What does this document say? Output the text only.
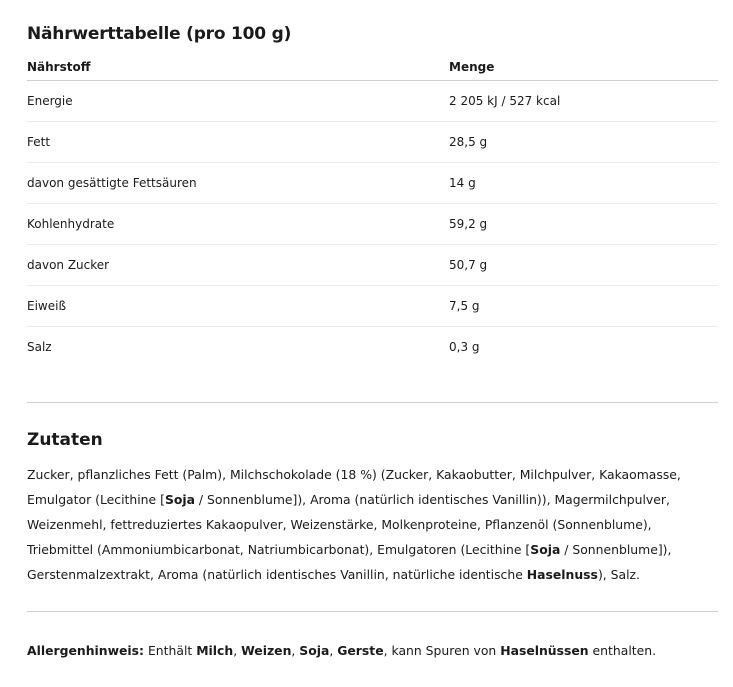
Nährwerttabelle (pro 100 g)
Nährstoff	Menge
Energie	2 205 kJ / 527 kcal
Fett	28,5 g
davon gesättigte Fettsäuren	14 g
Kohlenhydrate	59,2 g
davon Zucker	50,7 g
Eiweiß	7,5 g
Salz	0,3 g
Zutaten

Zucker, pflanzliches Fett (Palm), Milchschokolade (18 %) (Zucker, Kakaobutter, Milchpulver, Kakaomasse, Emulgator (Lecithine [Soja / Sonnenblume]), Aroma (natürlich identisches Vanillin)), Magermilchpulver, Weizenmehl, fettreduziertes Kakaopulver, Weizenstärke, Molkenproteine, Pflanzenöl (Sonnenblume), Triebmittel (Ammoniumbicarbonat, Natriumbicarbonat), Emulgatoren (Lecithine [Soja / Sonnenblume]), Gerstenmalzextrakt, Aroma (natürlich identisches Vanillin, natürliche identische Haselnuss), Salz.

Allergenhinweis: Enthält Milch, Weizen, Soja, Gerste, kann Spuren von Haselnüssen enthalten.
